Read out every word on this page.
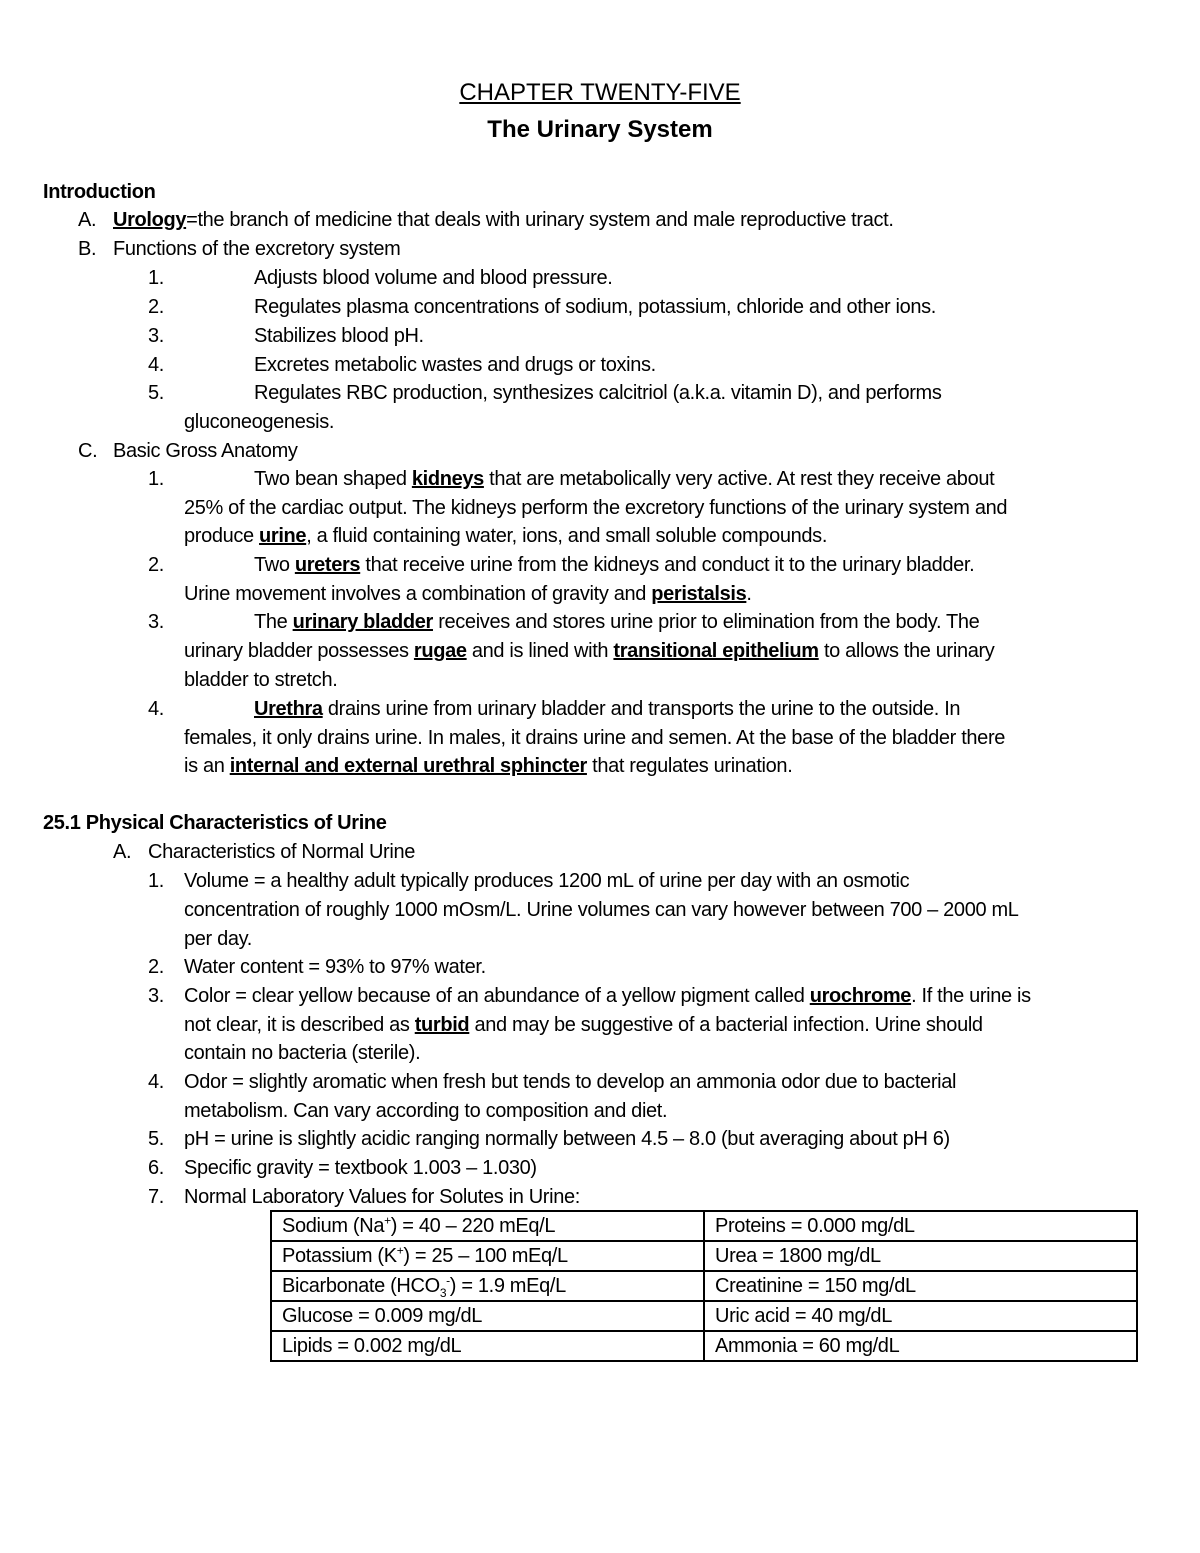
CHAPTER TWENTY-FIVE
The Urinary System
Introduction
A. Urology=the branch of medicine that deals with urinary system and male reproductive tract.
B. Functions of the excretory system
1.	Adjusts blood volume and blood pressure.
2.	Regulates plasma concentrations of sodium, potassium, chloride and other ions.
3.	Stabilizes blood pH.
4.	Excretes metabolic wastes and drugs or toxins.
5.	Regulates RBC production, synthesizes calcitriol (a.k.a. vitamin D), and performs
gluconeogenesis.
C. Basic Gross Anatomy
1.	Two bean shaped kidneys that are metabolically very active. At rest they receive about
25% of the cardiac output. The kidneys perform the excretory functions of the urinary system and
produce urine, a fluid containing water, ions, and small soluble compounds.
2.	Two ureters that receive urine from the kidneys and conduct it to the urinary bladder.
Urine movement involves a combination of gravity and peristalsis.
3.	The urinary bladder receives and stores urine prior to elimination from the body. The
urinary bladder possesses rugae and is lined with transitional epithelium to allows the urinary
bladder to stretch.
4.	Urethra drains urine from urinary bladder and transports the urine to the outside. In
females, it only drains urine. In males, it drains urine and semen. At the base of the bladder there
is an internal and external urethral sphincter that regulates urination.
25.1 Physical Characteristics of Urine
A. Characteristics of Normal Urine
1. Volume = a healthy adult typically produces 1200 mL of urine per day with an osmotic
concentration of roughly 1000 mOsm/L. Urine volumes can vary however between 700 – 2000 mL
per day.
2. Water content = 93% to 97% water.
3. Color = clear yellow because of an abundance of a yellow pigment called urochrome. If the urine is
not clear, it is described as turbid and may be suggestive of a bacterial infection. Urine should
contain no bacteria (sterile).
4. Odor = slightly aromatic when fresh but tends to develop an ammonia odor due to bacterial
metabolism. Can vary according to composition and diet.
5. pH = urine is slightly acidic ranging normally between 4.5 – 8.0 (but averaging about pH 6)
6. Specific gravity = textbook 1.003 – 1.030)
7. Normal Laboratory Values for Solutes in Urine:
Sodium (Na+) = 40 – 220 mEq/L	Proteins = 0.000 mg/dL
Potassium (K+) = 25 – 100 mEq/L	Urea = 1800 mg/dL
Bicarbonate $(HCO_3^-) = 1.9$ mEq/L	Creatinine = 150 mg/dL
Glucose = 0.009 mg/dL	Uric acid = 40 mg/dL
Lipids = 0.002 mg/dL	Ammonia = 60 mg/dL
